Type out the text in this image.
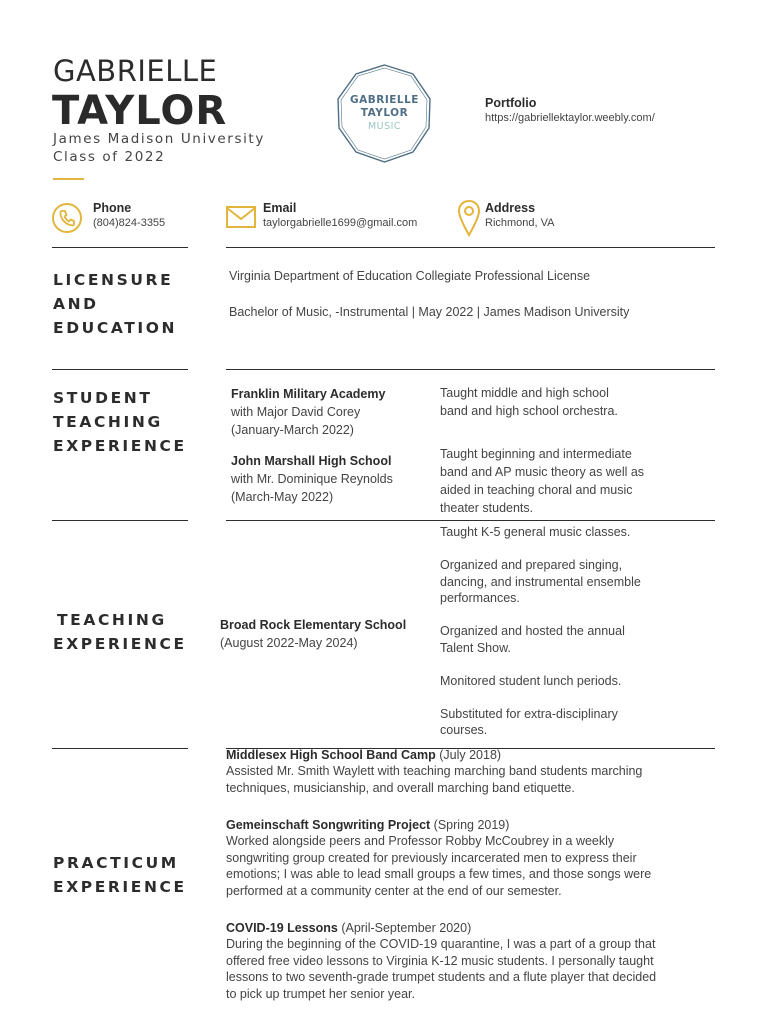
GABRIELLE
TAYLOR
James Madison University
Class of 2022
GABRIELLE
TAYLOR
MUSIC
Portfolio
https://gabriellektaylor.weebly.com/
Phone
(804)824-3355
Email
taylorgabrielle1699@gmail.com
Address
Richmond, VA
LICENSURE
AND
EDUCATION
Virginia Department of Education Collegiate Professional License
Bachelor of Music, -Instrumental | May 2022 | James Madison University
STUDENT
TEACHING
EXPERIENCE
Franklin Military Academy
with Major David Corey
(January-March 2022)
Taught middle and high school
band and high school orchestra.
John Marshall High School
with Mr. Dominique Reynolds
(March-May 2022)
Taught beginning and intermediate
band and AP music theory as well as
aided in teaching choral and music
theater students.
TEACHING
EXPERIENCE
Broad Rock Elementary School
(August 2022-May 2024)
Taught K-5 general music classes.
Organized and prepared singing,
dancing, and instrumental ensemble
performances.
Organized and hosted the annual
Talent Show.
Monitored student lunch periods.
Substituted for extra-disciplinary
courses.
PRACTICUM
EXPERIENCE
Middlesex High School Band Camp (July 2018)
Assisted Mr. Smith Waylett with teaching marching band students marching
techniques, musicianship, and overall marching band etiquette.
Gemeinschaft Songwriting Project (Spring 2019)
Worked alongside peers and Professor Robby McCoubrey in a weekly
songwriting group created for previously incarcerated men to express their
emotions; I was able to lead small groups a few times, and those songs were
performed at a community center at the end of our semester.
COVID-19 Lessons (April-September 2020)
During the beginning of the COVID-19 quarantine, I was a part of a group that
offered free video lessons to Virginia K-12 music students. I personally taught
lessons to two seventh-grade trumpet students and a flute player that decided
to pick up trumpet her senior year.
